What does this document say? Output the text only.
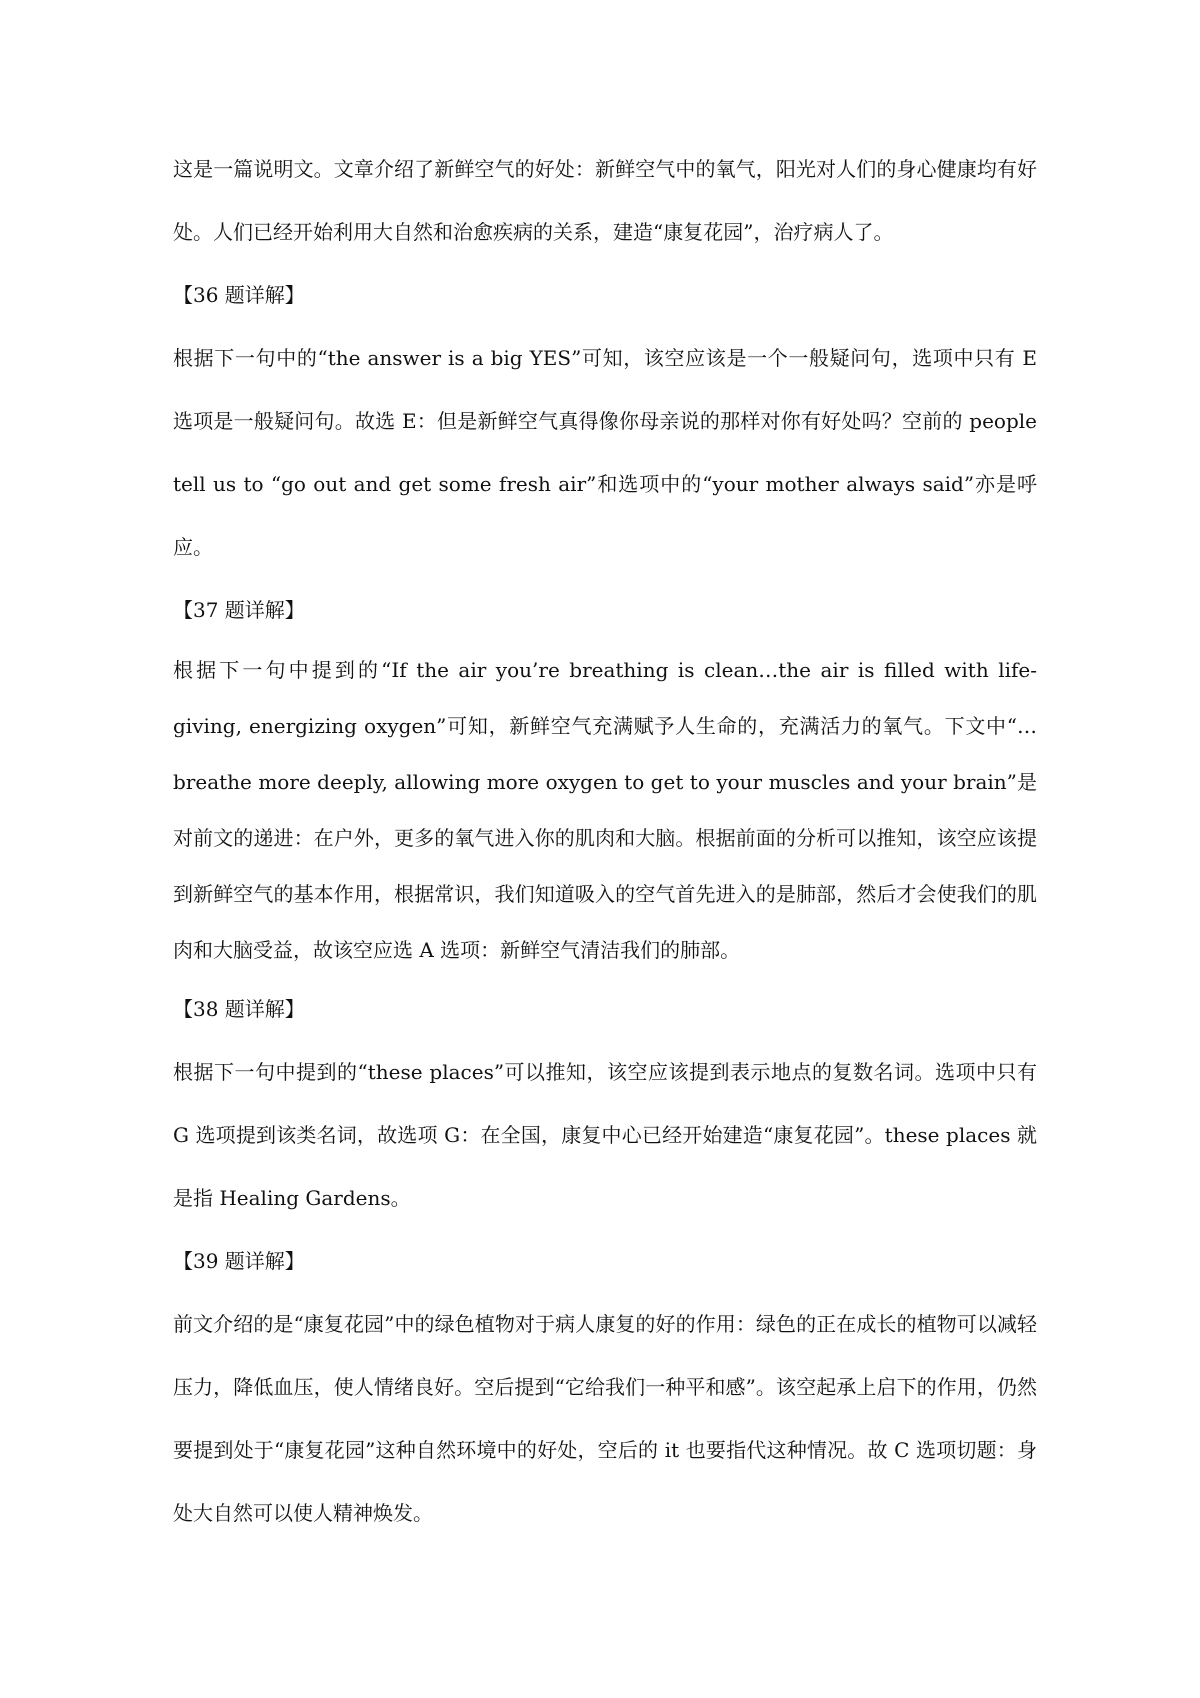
这是一篇说明文。文章介绍了新鲜空气的好处：新鲜空气中的氧气，阳光对人们的身心健康均有好处。人们已经开始利用大自然和治愈疾病的关系，建造“康复花园”，治疗病人了。

【36 题详解】

根据下一句中的“the answer is a big YES”可知，该空应该是一个一般疑问句，选项中只有 E 选项是一般疑问句。故选 E：但是新鲜空气真得像你母亲说的那样对你有好处吗？空前的 people tell us to “go out and get some fresh air”和选项中的“your mother always said”亦是呼应。

【37 题详解】

根据下一句中提到的“If the air you’re breathing is clean…the air is filled with life-giving, energizing oxygen”可知，新鲜空气充满赋予人生命的，充满活力的氧气。下文中“…breathe more deeply, allowing more oxygen to get to your muscles and your brain”是对前文的递进：在户外，更多的氧气进入你的肌肉和大脑。根据前面的分析可以推知，该空应该提到新鲜空气的基本作用，根据常识，我们知道吸入的空气首先进入的是肺部，然后才会使我们的肌肉和大脑受益，故该空应选 A 选项：新鲜空气清洁我们的肺部。

【38 题详解】

根据下一句中提到的“these places”可以推知，该空应该提到表示地点的复数名词。选项中只有 G 选项提到该类名词，故选项 G：在全国，康复中心已经开始建造“康复花园”。these places 就是指 Healing Gardens。

【39 题详解】

前文介绍的是“康复花园”中的绿色植物对于病人康复的好的作用：绿色的正在成长的植物可以减轻压力，降低血压，使人情绪良好。空后提到“它给我们一种平和感”。该空起承上启下的作用，仍然要提到处于“康复花园”这种自然环境中的好处，空后的 it 也要指代这种情况。故 C 选项切题：身处大自然可以使人精神焕发。
